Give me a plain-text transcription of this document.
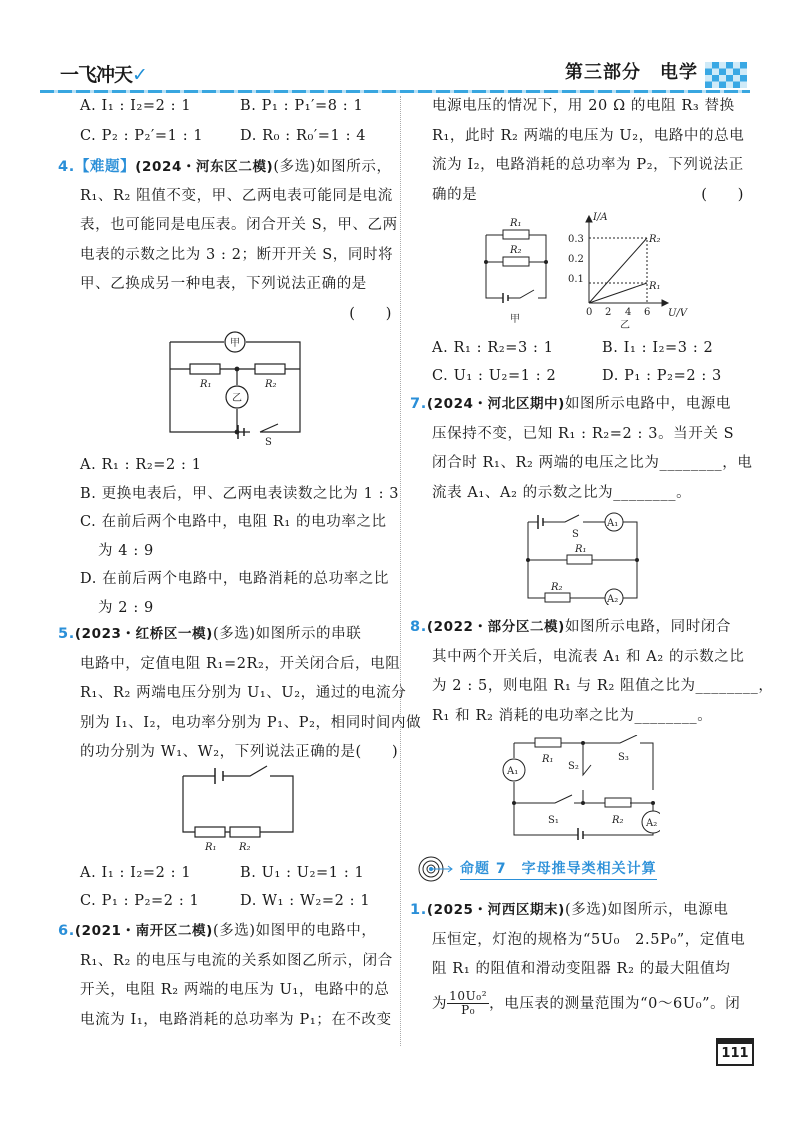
一飞冲天✓	第三部分　电学
A. I₁ : I₂=2 : 1	B. P₁ : P₁′=8 : 1
C. P₂ : P₂′=1 : 1	D. R₀ : R₀′=1 : 4
4.【难题】(2024・河东区二模)(多选)如图所示，
R₁、R₂ 阻值不变，甲、乙两电表可能同是电流
表，也可能同是电压表。闭合开关 S，甲、乙两
电表的示数之比为 3 : 2；断开开关 S，同时将
甲、乙换成另一种电表，下列说法正确的是
(　　)
甲
乙
R₁	R₂
S
A. R₁ : R₂=2 : 1
B. 更换电表后，甲、乙两电表读数之比为 1 : 3
C. 在前后两个电路中，电阻 R₁ 的电功率之比
为 4 : 9
D. 在前后两个电路中，电路消耗的总功率之比
为 2 : 9
5.(2023・红桥区一模)(多选)如图所示的串联
电路中，定值电阻 R₁=2R₂，开关闭合后，电阻
R₁、R₂ 两端电压分别为 U₁、U₂，通过的电流分
别为 I₁、I₂，电功率分别为 P₁、P₂，相同时间内做
的功分别为 W₁、W₂，下列说法正确的是 (　　)
R₁ R₂
A. I₁ : I₂=2 : 1	B. U₁ : U₂=1 : 1
C. P₁ : P₂=2 : 1	D. W₁ : W₂=2 : 1
6.(2021・南开区二模)(多选)如图甲的电路中，
R₁、R₂ 的电压与电流的关系如图乙所示，闭合
开关，电阻 R₂ 两端的电压为 U₁，电路中的总
电流为 I₁，电路消耗的总功率为 P₁；在不改变
电源电压的情况下，用 20 Ω 的电阻 R₃ 替换
R₁，此时 R₂ 两端的电压为 U₂，电路中的总电
流为 I₂，电路消耗的总功率为 P₂，下列说法正
确的是	(　　)
R₁
R₂
甲
I/A
U/V
0.3
0.2
0.1
0 2 4 6
R₂
R₁
乙
A. R₁ : R₂=3 : 1	B. I₁ : I₂=3 : 2
C. U₁ : U₂=1 : 2	D. P₁ : P₂=2 : 3
7.(2024・河北区期中)如图所示电路中，电源电
压保持不变，已知 R₁ : R₂=2 : 3。当开关 S
闭合时 R₁、R₂ 两端的电压之比为________，电
流表 A₁、A₂ 的示数之比为________。
S
A₁
A₂
R₁
R₂
8.(2022・部分区二模)如图所示电路，同时闭合
其中两个开关后，电流表 A₁ 和 A₂ 的示数之比
为 2 : 5，则电阻 R₁ 与 R₂ 阻值之比为________，
R₁ 和 R₂ 消耗的电功率之比为________。
R₁
R₂
S₁
S₂
S₃
A₁
A₂
命题 7　字母推导类相关计算
1.(2025・河西区期末)(多选)如图所示，电源电
压恒定，灯泡的规格为“5U₀　2.5P₀”，定值电
阻 R₁ 的阻值和滑动变阻器 R₂ 的最大阻值均
为 $\frac{\text{10U₀²}}{\text{P₀}}$ ，电压表的测量范围为“0～6U₀”。闭
111
